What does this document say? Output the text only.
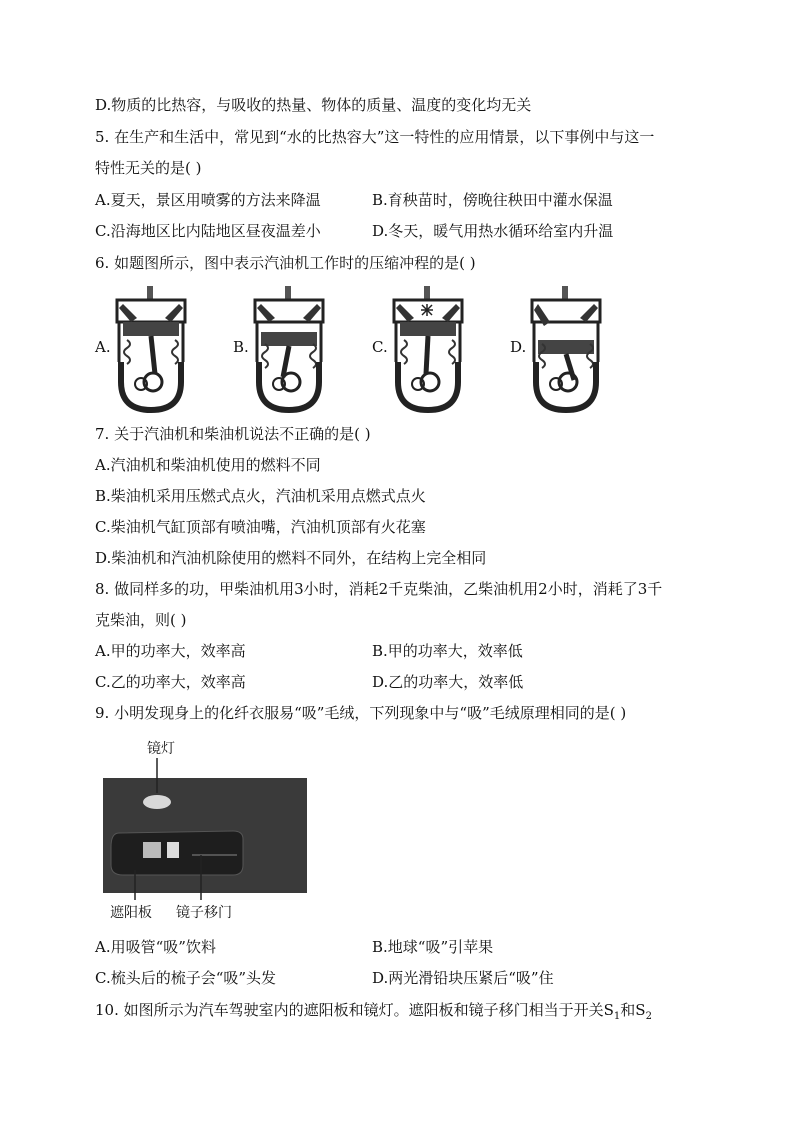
D.物质的比热容，与吸收的热量、物体的质量、温度的变化均无关
5. 在生产和生活中，常见到“水的比热容大”这一特性的应用情景，以下事例中与这一
特性无关的是( )
A.夏天，景区用喷雾的方法来降温	B.育秧苗时，傍晚往秧田中灌水保温
C.沿海地区比内陆地区昼夜温差小	D.冬天，暖气用热水循环给室内升温
6. 如题图所示，图中表示汽油机工作时的压缩冲程的是( )
A.	B.	C.	D.
7. 关于汽油机和柴油机说法不正确的是( )
A.汽油机和柴油机使用的燃料不同
B.柴油机采用压燃式点火，汽油机采用点燃式点火
C.柴油机气缸顶部有喷油嘴，汽油机顶部有火花塞
D.柴油机和汽油机除使用的燃料不同外，在结构上完全相同
8. 做同样多的功，甲柴油机用3小时，消耗2千克柴油，乙柴油机用2小时，消耗了3千
克柴油，则( )
A.甲的功率大，效率高	B.甲的功率大，效率低
C.乙的功率大，效率高	D.乙的功率大，效率低
9. 小明发现身上的化纤衣服易“吸”毛绒，下列现象中与“吸”毛绒原理相同的是( )
镜灯
遮阳板 镜子移门
A.用吸管“吸”饮料	B.地球“吸”引苹果
C.梳头后的梳子会“吸”头发	D.两光滑铅块压紧后“吸”住
10. 如图所示为汽车驾驶室内的遮阳板和镜灯。遮阳板和镜子移门相当于开关$S_1$和$S_2$
